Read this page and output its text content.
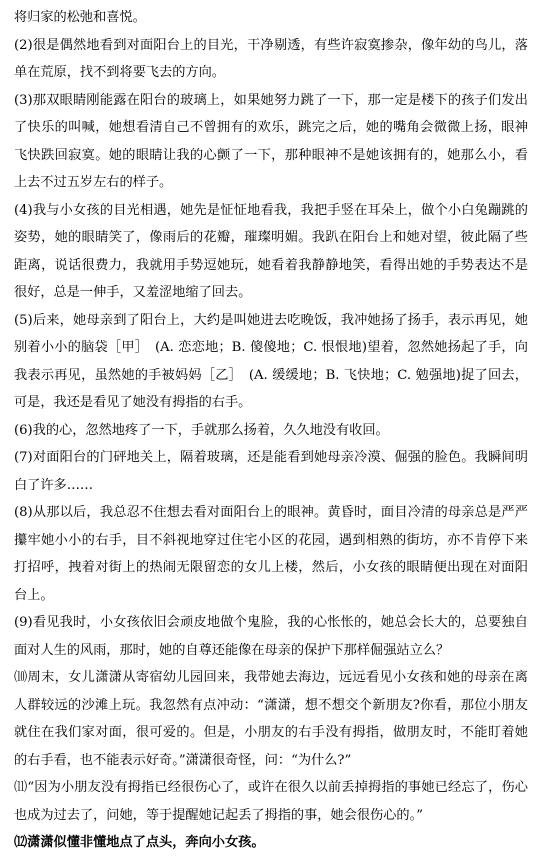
将归家的松弛和喜悦。

(2)很是偶然地看到对面阳台上的目光，干净剔透，有些许寂寞掺杂，像年幼的鸟儿，落单在荒原，找不到将要飞去的方向。

(3)那双眼睛刚能露在阳台的玻璃上，如果她努力跳了一下，那一定是楼下的孩子们发出了快乐的叫喊，她想看清自己不曾拥有的欢乐，跳完之后，她的嘴角会微微上扬，眼神飞快跌回寂寞。她的眼睛让我的心颤了一下，那种眼神不是她该拥有的，她那么小，看上去不过五岁左右的样子。

(4)我与小女孩的目光相遇，她先是怔怔地看我，我把手竖在耳朵上，做个小白兔蹦跳的姿势，她的眼睛笑了，像雨后的花瓣，璀璨明媚。我趴在阳台上和她对望，彼此隔了些距离，说话很费力，我就用手势逗她玩，她看着我静静地笑，看得出她的手势表达不是很好，总是一伸手，又羞涩地缩了回去。

(5)后来，她母亲到了阳台上，大约是叫她进去吃晚饭，我冲她扬了扬手，表示再见，她别着小小的脑袋［甲］　(A. 恋恋地；B. 傻傻地；C. 恨恨地)望着，忽然她扬起了手，向我表示再见，虽然她的手被妈妈［乙］　(A. 缓缓地；B. 飞快地；C. 勉强地)捉了回去，可是，我还是看见了她没有拇指的右手。

(6)我的心，忽然地疼了一下，手就那么扬着，久久地没有收回。

(7)对面阳台的门砰地关上，隔着玻璃，还是能看到她母亲冷漠、倔强的脸色。我瞬间明白了许多……

(8)从那以后，我总忍不住想去看对面阳台上的眼神。黄昏时，面目冷清的母亲总是严严攥牢她小小的右手，目不斜视地穿过住宅小区的花园，遇到相熟的街坊，亦不肯停下来打招呼，拽着对街上的热闹无限留恋的女儿上楼，然后，小女孩的眼睛便出现在对面阳台上。

(9)看见我时，小女孩依旧会顽皮地做个鬼脸，我的心怅怅的，她总会长大的，总要独自面对人生的风雨，那时，她的自尊还能像在母亲的保护下那样倔强站立么？

⑽周末，女儿潇潇从寄宿幼儿园回来，我带她去海边，远远看见小女孩和她的母亲在离人群较远的沙滩上玩。我忽然有点冲动：“潇潇，想不想交个新朋友?你看，那位小朋友就住在我们家对面，很可爱的。但是，小朋友的右手没有拇指，做朋友时，不能盯着她的右手看，也不能表示好奇。”潇潇很奇怪，问：“为什么?”

⑾“因为小朋友没有拇指已经很伤心了，或许在很久以前丢掉拇指的事她已经忘了，伤心也成为过去了，问她，等于提醒她记起丢了拇指的事，她会很伤心的。”

⑿潇潇似懂非懂地点了点头，奔向小女孩。
